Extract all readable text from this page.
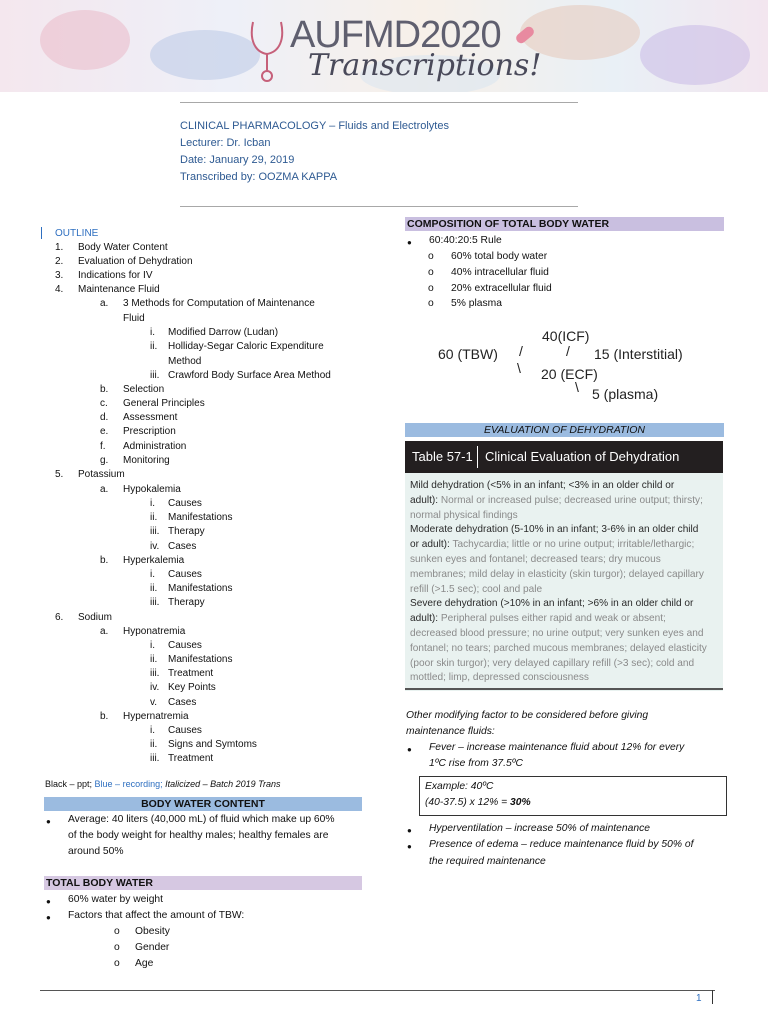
AUFMD2020
Transcriptions!
CLINICAL PHARMACOLOGY – Fluids and Electrolytes
Lecturer: Dr. Icban
Date: January 29, 2019
Transcribed by: OOZMA KAPPA
OUTLINE
1. Body Water Content
2. Evaluation of Dehydration
3. Indications for IV
4. Maintenance Fluid
a. 3 Methods for Computation of Maintenance
Fluid
i. Modified Darrow (Ludan)
ii. Holliday-Segar Caloric Expenditure
Method
iii. Crawford Body Surface Area Method
b. Selection
c. General Principles
d. Assessment
e. Prescription
f. Administration
g. Monitoring
5. Potassium
a. Hypokalemia
i. Causes
ii. Manifestations
iii. Therapy
iv. Cases
b. Hyperkalemia
i. Causes
ii. Manifestations
iii. Therapy
6. Sodium
a. Hyponatremia
i. Causes
ii. Manifestations
iii. Treatment
iv. Key Points
v. Cases
b. Hypernatremia
i. Causes
ii. Signs and Symtoms
iii. Treatment
Black – ppt; Blue – recording; Italicized – Batch 2019 Trans
BODY WATER CONTENT
● Average: 40 liters (40,000 mL) of fluid which make up 60%
of the body weight for healthy males; healthy females are
around 50%
TOTAL BODY WATER
● 60% water by weight
● Factors that affect the amount of TBW:
o Obesity
o Gender
o Age
COMPOSITION OF TOTAL BODY WATER
● 60:40:20:5 Rule
o 60% total body water
o 40% intracellular fluid
o 20% extracellular fluid
o 5% plasma
40(ICF)
60 (TBW) /	/ 15 (Interstitial)
\ 20 (ECF)
\ 5 (plasma)
EVALUATION OF DEHYDRATION
Table 57-1 Clinical Evaluation of Dehydration
Mild dehydration (<5% in an infant; <3% in an older child or
adult): Normal or increased pulse; decreased urine output; thirsty;
normal physical findings
Moderate dehydration (5-10% in an infant; 3-6% in an older child
or adult): Tachycardia; little or no urine output; irritable/lethargic;
sunken eyes and fontanel; decreased tears; dry mucous
membranes; mild delay in elasticity (skin turgor); delayed capillary
refill (>1.5 sec); cool and pale
Severe dehydration (>10% in an infant; >6% in an older child or
adult): Peripheral pulses either rapid and weak or absent;
decreased blood pressure; no urine output; very sunken eyes and
fontanel; no tears; parched mucous membranes; delayed elasticity
(poor skin turgor); very delayed capillary refill (>3 sec); cold and
mottled; limp, depressed consciousness
Other modifying factor to be considered before giving
maintenance fluids:
● Fever – increase maintenance fluid about 12% for every
1ºC rise from 37.5ºC
Example: 40ºC
(40-37.5) x 12% = 30%
● Hyperventilation – increase 50% of maintenance
● Presence of edema – reduce maintenance fluid by 50% of
the required maintenance
1
